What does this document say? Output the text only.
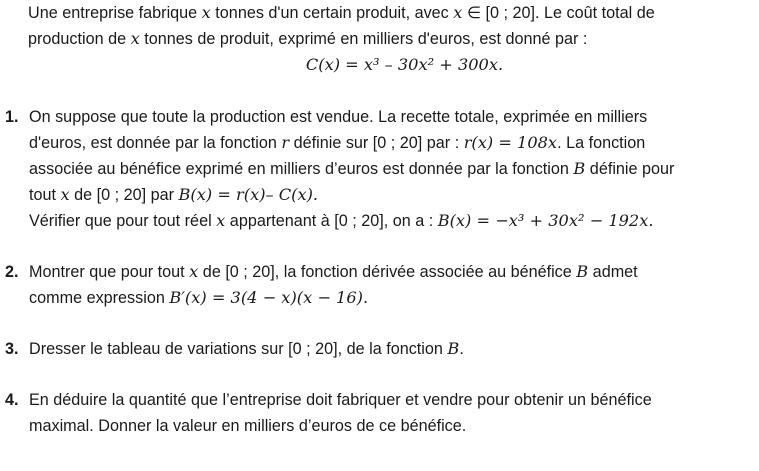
Une entreprise fabrique x tonnes d'un certain produit, avec x ∈ [0 ; 20]. Le coût total de
production de x tonnes de produit, exprimé en milliers d'euros, est donné par :
C(x) = x³ – 30x² + 300x.
1. On suppose que toute la production est vendue. La recette totale, exprimée en milliers
d'euros, est donnée par la fonction r définie sur [0 ; 20] par : r(x) = 108x. La fonction
associée au bénéfice exprimé en milliers d’euros est donnée par la fonction B définie pour
tout x de [0 ; 20] par B(x) = r(x)– C(x).
Vérifier que pour tout réel x appartenant à [0 ; 20], on a : B(x) = −x³ + 30x² − 192x.
2. Montrer que pour tout x de [0 ; 20], la fonction dérivée associée au bénéfice B admet
comme expression B′(x) = 3(4 − x)(x − 16).
3. Dresser le tableau de variations sur [0 ; 20], de la fonction B.
4. En déduire la quantité que l’entreprise doit fabriquer et vendre pour obtenir un bénéfice
maximal. Donner la valeur en milliers d’euros de ce bénéfice.
